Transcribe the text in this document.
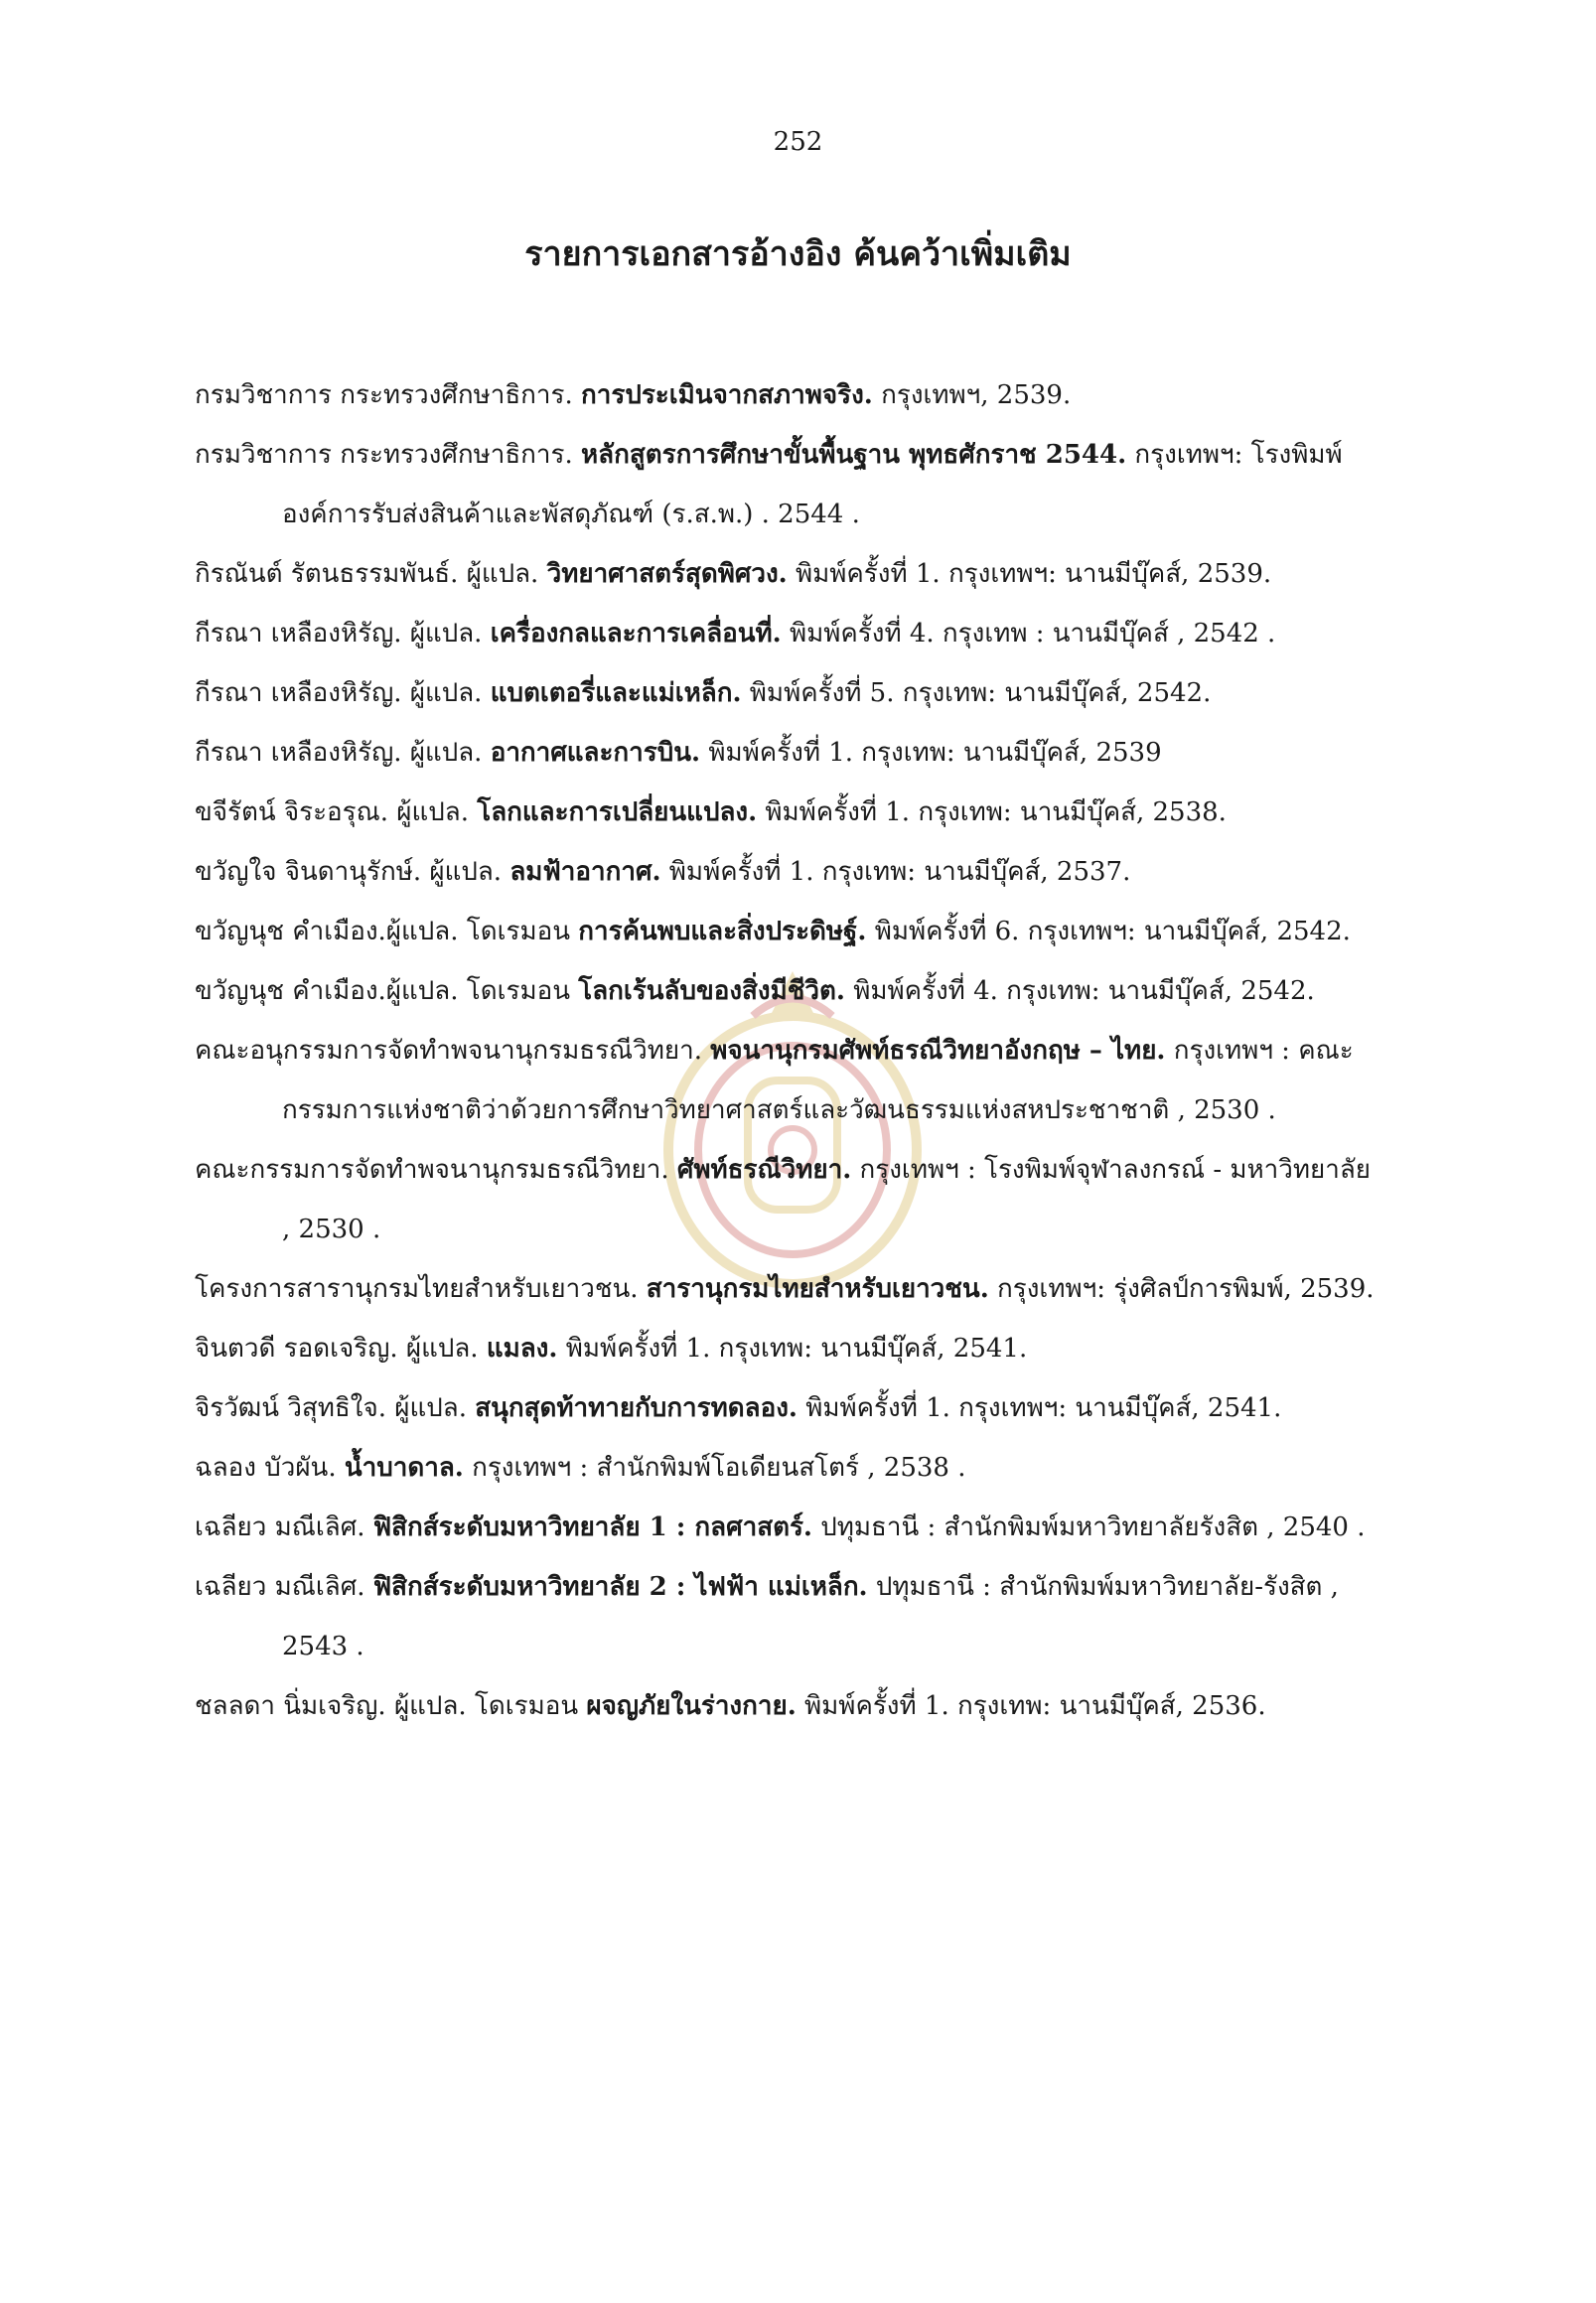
252
รายการเอกสารอ้างอิง ค้นคว้าเพิ่มเติม
กรมวิชาการ กระทรวงศึกษาธิการ. การประเมินจากสภาพจริง. กรุงเทพฯ, 2539.
กรมวิชาการ กระทรวงศึกษาธิการ. หลักสูตรการศึกษาขั้นพื้นฐาน พุทธศักราช 2544. กรุงเทพฯ: โรงพิมพ์องค์การรับส่งสินค้าและพัสดุภัณฑ์ (ร.ส.พ.) . 2544 .
กิรณันต์ รัตนธรรมพันธ์. ผู้แปล. วิทยาศาสตร์สุดพิศวง. พิมพ์ครั้งที่ 1. กรุงเทพฯ: นานมีบุ๊คส์, 2539.
กีรณา เหลืองหิรัญ. ผู้แปล. เครื่องกลและการเคลื่อนที่. พิมพ์ครั้งที่ 4. กรุงเทพ : นานมีบุ๊คส์ , 2542 .
กีรณา เหลืองหิรัญ. ผู้แปล. แบตเตอรี่และแม่เหล็ก. พิมพ์ครั้งที่ 5. กรุงเทพ: นานมีบุ๊คส์, 2542.
กีรณา เหลืองหิรัญ. ผู้แปล. อากาศและการบิน. พิมพ์ครั้งที่ 1. กรุงเทพ: นานมีบุ๊คส์, 2539
ขจีรัตน์ จิระอรุณ. ผู้แปล. โลกและการเปลี่ยนแปลง. พิมพ์ครั้งที่ 1. กรุงเทพ: นานมีบุ๊คส์, 2538.
ขวัญใจ จินดานุรักษ์. ผู้แปล. ลมฟ้าอากาศ. พิมพ์ครั้งที่ 1. กรุงเทพ: นานมีบุ๊คส์, 2537.
ขวัญนุช คำเมือง.ผู้แปล. โดเรมอน การค้นพบและสิ่งประดิษฐ์. พิมพ์ครั้งที่ 6. กรุงเทพฯ: นานมีบุ๊คส์, 2542.
ขวัญนุช คำเมือง.ผู้แปล. โดเรมอน โลกเร้นลับของสิ่งมีชีวิต. พิมพ์ครั้งที่ 4. กรุงเทพ: นานมีบุ๊คส์, 2542.
คณะอนุกรรมการจัดทำพจนานุกรมธรณีวิทยา. พจนานุกรมศัพท์ธรณีวิทยาอังกฤษ – ไทย. กรุงเทพฯ : คณะกรรมการแห่งชาติว่าด้วยการศึกษาวิทยาศาสตร์และวัฒนธรรมแห่งสหประชาชาติ , 2530 .
คณะกรรมการจัดทำพจนานุกรมธรณีวิทยา. ศัพท์ธรณีวิทยา. กรุงเทพฯ : โรงพิมพ์จุฬาลงกรณ์ - มหาวิทยาลัย , 2530 .
โครงการสารานุกรมไทยสำหรับเยาวชน. สารานุกรมไทยสำหรับเยาวชน. กรุงเทพฯ: รุ่งศิลป์การพิมพ์, 2539.
จินตวดี รอดเจริญ. ผู้แปล. แมลง. พิมพ์ครั้งที่ 1. กรุงเทพ: นานมีบุ๊คส์, 2541.
จิรวัฒน์ วิสุทธิใจ. ผู้แปล. สนุกสุดท้าทายกับการทดลอง. พิมพ์ครั้งที่ 1. กรุงเทพฯ: นานมีบุ๊คส์, 2541.
ฉลอง บัวผัน. น้ำบาดาล. กรุงเทพฯ : สำนักพิมพ์โอเดียนสโตร์ , 2538 .
เฉลียว มณีเลิศ. ฟิสิกส์ระดับมหาวิทยาลัย 1 : กลศาสตร์. ปทุมธานี : สำนักพิมพ์มหาวิทยาลัยรังสิต , 2540 .
เฉลียว มณีเลิศ. ฟิสิกส์ระดับมหาวิทยาลัย 2 : ไฟฟ้า แม่เหล็ก. ปทุมธานี : สำนักพิมพ์มหาวิทยาลัย-รังสิต , 2543 .
ชลลดา นิ่มเจริญ. ผู้แปล. โดเรมอน ผจญภัยในร่างกาย. พิมพ์ครั้งที่ 1. กรุงเทพ: นานมีบุ๊คส์, 2536.
